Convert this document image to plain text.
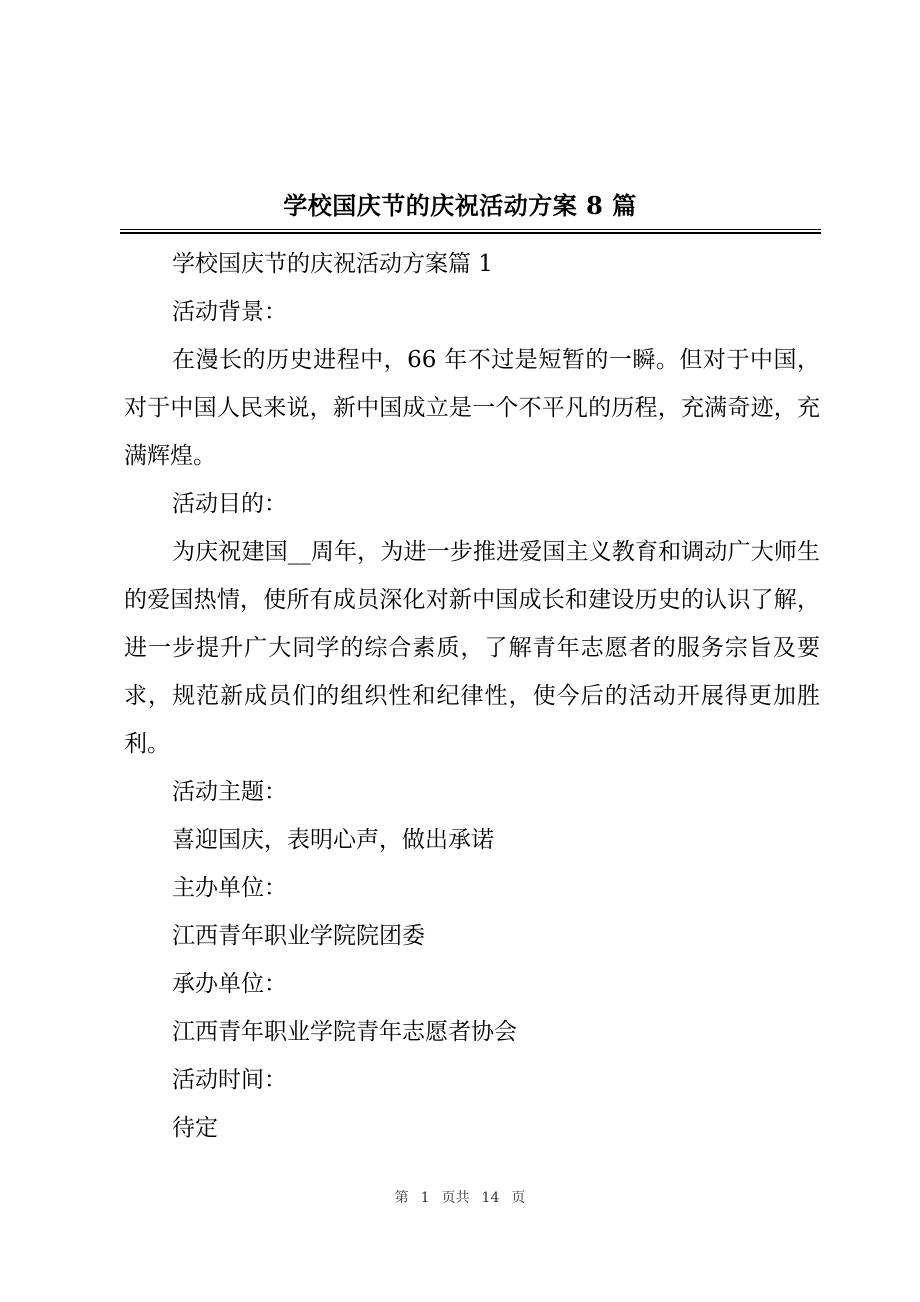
学校国庆节的庆祝活动方案 8 篇

学校国庆节的庆祝活动方案篇 1

活动背景：

在漫长的历史进程中，66 年不过是短暂的一瞬。但对于中国，对于中国人民来说，新中国成立是一个不平凡的历程，充满奇迹，充满辉煌。

活动目的：

为庆祝建国__周年，为进一步推进爱国主义教育和调动广大师生的爱国热情，使所有成员深化对新中国成长和建设历史的认识了解，进一步提升广大同学的综合素质，了解青年志愿者的服务宗旨及要求，规范新成员们的组织性和纪律性，使今后的活动开展得更加胜利。

活动主题：

喜迎国庆，表明心声，做出承诺

主办单位：

江西青年职业学院院团委

承办单位：

江西青年职业学院青年志愿者协会

活动时间：

待定

第 1 页共 14 页
